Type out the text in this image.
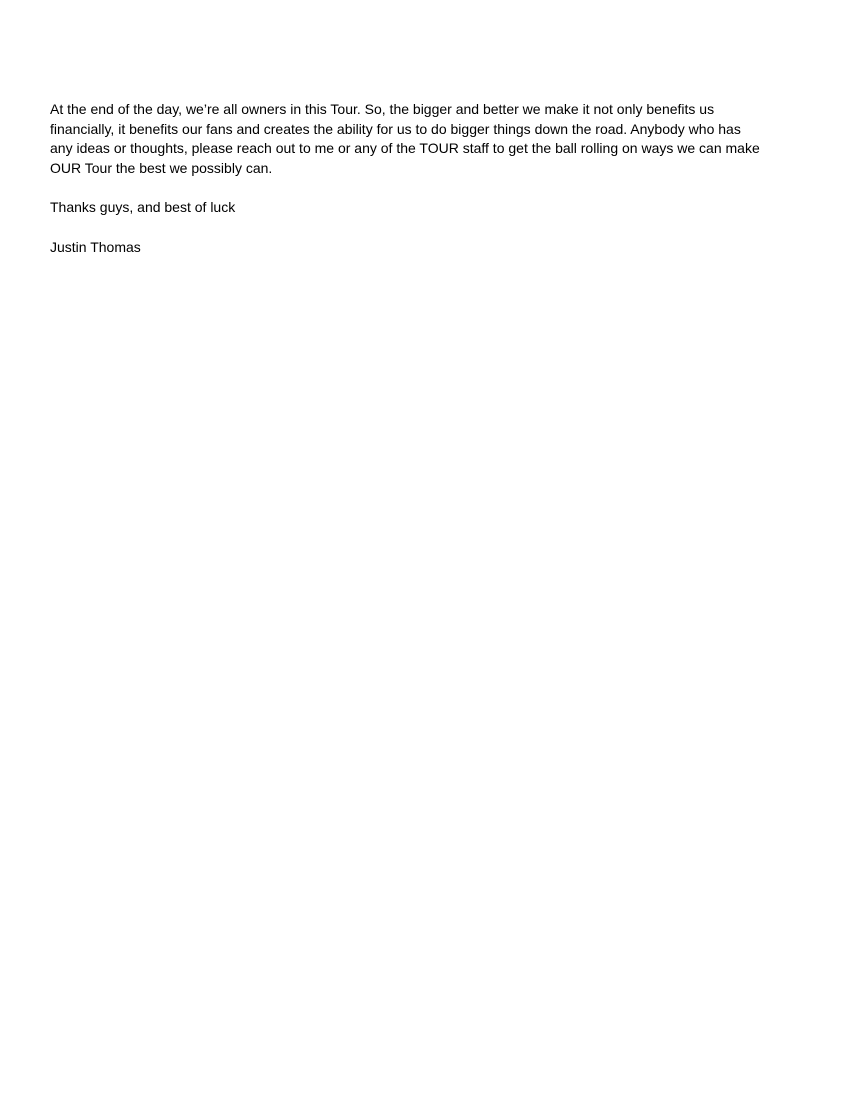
At the end of the day, we’re all owners in this Tour. So, the bigger and better we make it not only benefits us
financially, it benefits our fans and creates the ability for us to do bigger things down the road. Anybody who has
any ideas or thoughts, please reach out to me or any of the TOUR staff to get the ball rolling on ways we can make
OUR Tour the best we possibly can.

Thanks guys, and best of luck

Justin Thomas
